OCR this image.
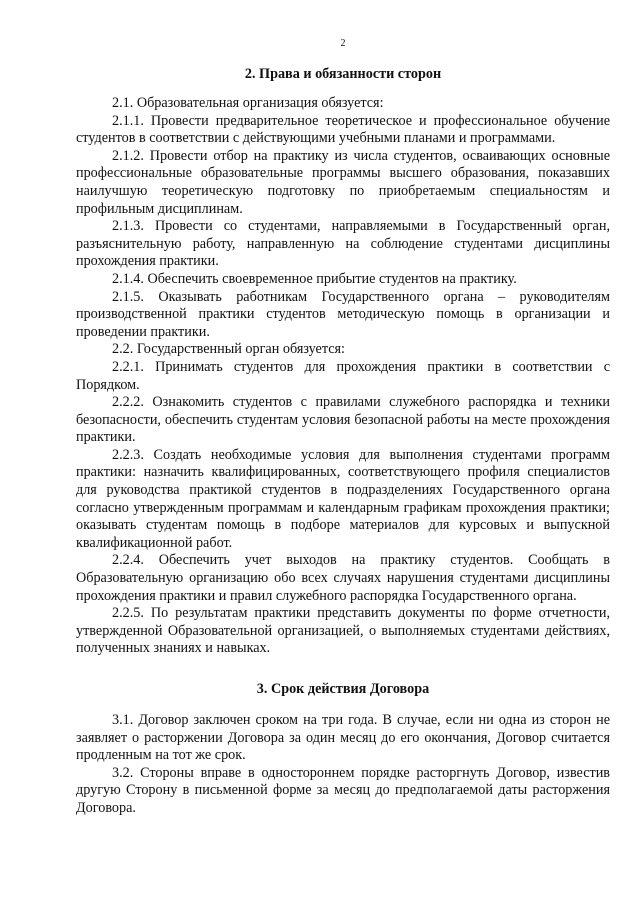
2
2. Права и обязанности сторон

2.1. Образовательная организация обязуется:

2.1.1. Провести предварительное теоретическое и профессиональное обучение студентов в соответствии с действующими учебными планами и программами.

2.1.2. Провести отбор на практику из числа студентов, осваивающих основные профессиональные образовательные программы высшего образования, показавших наилучшую теоретическую подготовку по приобретаемым специальностям и профильным дисциплинам.

2.1.3. Провести со студентами, направляемыми в Государственный орган, разъяснительную работу, направленную на соблюдение студентами дисциплины прохождения практики.

2.1.4. Обеспечить своевременное прибытие студентов на практику.

2.1.5. Оказывать работникам Государственного органа – руководителям производственной практики студентов методическую помощь в организации и проведении практики.

2.2. Государственный орган обязуется:

2.2.1. Принимать студентов для прохождения практики в соответствии с Порядком.

2.2.2. Ознакомить студентов с правилами служебного распорядка и техники безопасности, обеспечить студентам условия безопасной работы на месте прохождения практики.

2.2.3. Создать необходимые условия для выполнения студентами программ практики: назначить квалифицированных, соответствующего профиля специалистов для руководства практикой студентов в подразделениях Государственного органа согласно утвержденным программам и календарным графикам прохождения практики; оказывать студентам помощь в подборе материалов для курсовых и выпускной квалификационной работ.

2.2.4. Обеспечить учет выходов на практику студентов. Сообщать в Образовательную организацию обо всех случаях нарушения студентами дисциплины прохождения практики и правил служебного распорядка Государственного органа.

2.2.5. По результатам практики представить документы по форме отчетности, утвержденной Образовательной организацией, о выполняемых студентами действиях, полученных знаниях и навыках.

3. Срок действия Договора

3.1. Договор заключен сроком на три года. В случае, если ни одна из сторон не заявляет о расторжении Договора за один месяц до его окончания, Договор считается продленным на тот же срок.

3.2. Стороны вправе в одностороннем порядке расторгнуть Договор, известив другую Сторону в письменной форме за месяц до предполагаемой даты расторжения Договора.
